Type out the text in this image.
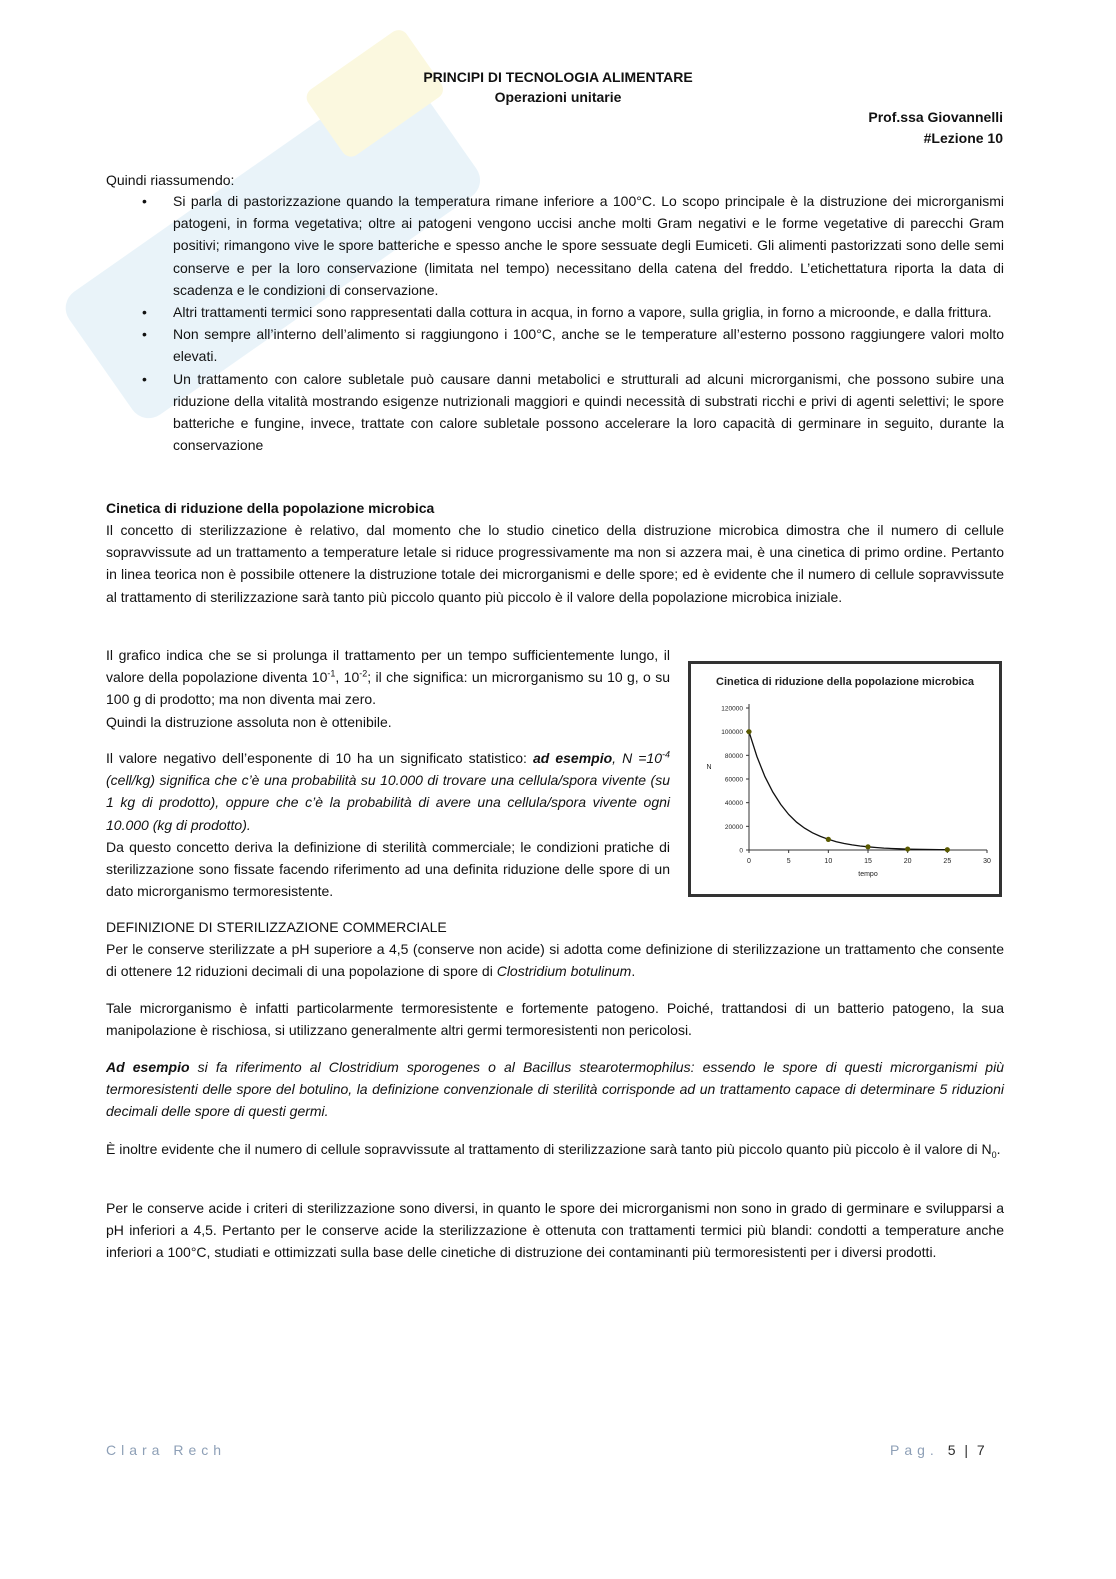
PRINCIPI DI TECNOLOGIA ALIMENTARE
Operazioni unitarie
Prof.ssa Giovannelli
#Lezione 10

Quindi riassumendo:

• Si parla di pastorizzazione quando la temperatura rimane inferiore a 100°C. Lo scopo principale è la distruzione dei microrganismi patogeni, in forma vegetativa; oltre ai patogeni vengono uccisi anche molti Gram negativi e le forme vegetative di parecchi Gram positivi; rimangono vive le spore batteriche e spesso anche le spore sessuate degli Eumiceti. Gli alimenti pastorizzati sono delle semi conserve e per la loro conservazione (limitata nel tempo) necessitano della catena del freddo. L’etichettatura riporta la data di scadenza e le condizioni di conservazione.
• Altri trattamenti termici sono rappresentati dalla cottura in acqua, in forno a vapore, sulla griglia, in forno a microonde, e dalla frittura.
• Non sempre all’interno dell’alimento si raggiungono i 100°C, anche se le temperature all’esterno possono raggiungere valori molto elevati.
• Un trattamento con calore subletale può causare danni metabolici e strutturali ad alcuni microrganismi, che possono subire una riduzione della vitalità mostrando esigenze nutrizionali maggiori e quindi necessità di substrati ricchi e privi di agenti selettivi; le spore batteriche e fungine, invece, trattate con calore subletale possono accelerare la loro capacità di germinare in seguito, durante la conservazione

Cinetica di riduzione della popolazione microbica

Il concetto di sterilizzazione è relativo, dal momento che lo studio cinetico della distruzione microbica dimostra che il numero di cellule sopravvissute ad un trattamento a temperature letale si riduce progressivamente ma non si azzera mai, è una cinetica di primo ordine. Pertanto in linea teorica non è possibile ottenere la distruzione totale dei microrganismi e delle spore; ed è evidente che il numero di cellule sopravvissute al trattamento di sterilizzazione sarà tanto più piccolo quanto più piccolo è il valore della popolazione microbica iniziale.

Il grafico indica che se si prolunga il trattamento per un tempo sufficientemente lungo, il valore della popolazione diventa $10^{-1}$, $10^{-2}$; il che significa: un microrganismo su 10 g, o su 100 g di prodotto; ma non diventa mai zero.
Quindi la distruzione assoluta non è ottenibile.

Il valore negativo dell’esponente di 10 ha un significato statistico: ad esempio, $N =10^{-4}$ (cell/kg) significa che c’è una probabilità su 10.000 di trovare una cellula/spora vivente (su 1 kg di prodotto), oppure che c’è la probabilità di avere una cellula/spora vivente ogni 10.000 (kg di prodotto).
Da questo concetto deriva la definizione di sterilità commerciale; le condizioni pratiche di sterilizzazione sono fissate facendo riferimento ad una definita riduzione delle spore di un dato microrganismo termoresistente.

Cinetica di riduzione della popolazione microbica
0	5	10	15	20	25	30
0
20000
40000
60000
80000
100000
120000
tempo
N

DEFINIZIONE DI STERILIZZAZIONE COMMERCIALE

Per le conserve sterilizzate a pH superiore a 4,5 (conserve non acide) si adotta come definizione di sterilizzazione un trattamento che consente di ottenere 12 riduzioni decimali di una popolazione di spore di Clostridium botulinum.

Tale microrganismo è infatti particolarmente termoresistente e fortemente patogeno. Poiché, trattandosi di un batterio patogeno, la sua manipolazione è rischiosa, si utilizzano generalmente altri germi termoresistenti non pericolosi.

Ad esempio si fa riferimento al Clostridium sporogenes o al Bacillus stearotermophilus: essendo le spore di questi microrganismi più termoresistenti delle spore del botulino, la definizione convenzionale di sterilità corrisponde ad un trattamento capace di determinare 5 riduzioni decimali delle spore di questi germi.

È inoltre evidente che il numero di cellule sopravvissute al trattamento di sterilizzazione sarà tanto più piccolo quanto più piccolo è il valore di $N_0$.

Per le conserve acide i criteri di sterilizzazione sono diversi, in quanto le spore dei microrganismi non sono in grado di germinare e svilupparsi a pH inferiori a 4,5. Pertanto per le conserve acide la sterilizzazione è ottenuta con trattamenti termici più blandi: condotti a temperature anche inferiori a 100°C, studiati e ottimizzati sulla base delle cinetiche di distruzione dei contaminanti più termoresistenti per i diversi prodotti.

Clara Rech	Pag. 5 | 7
